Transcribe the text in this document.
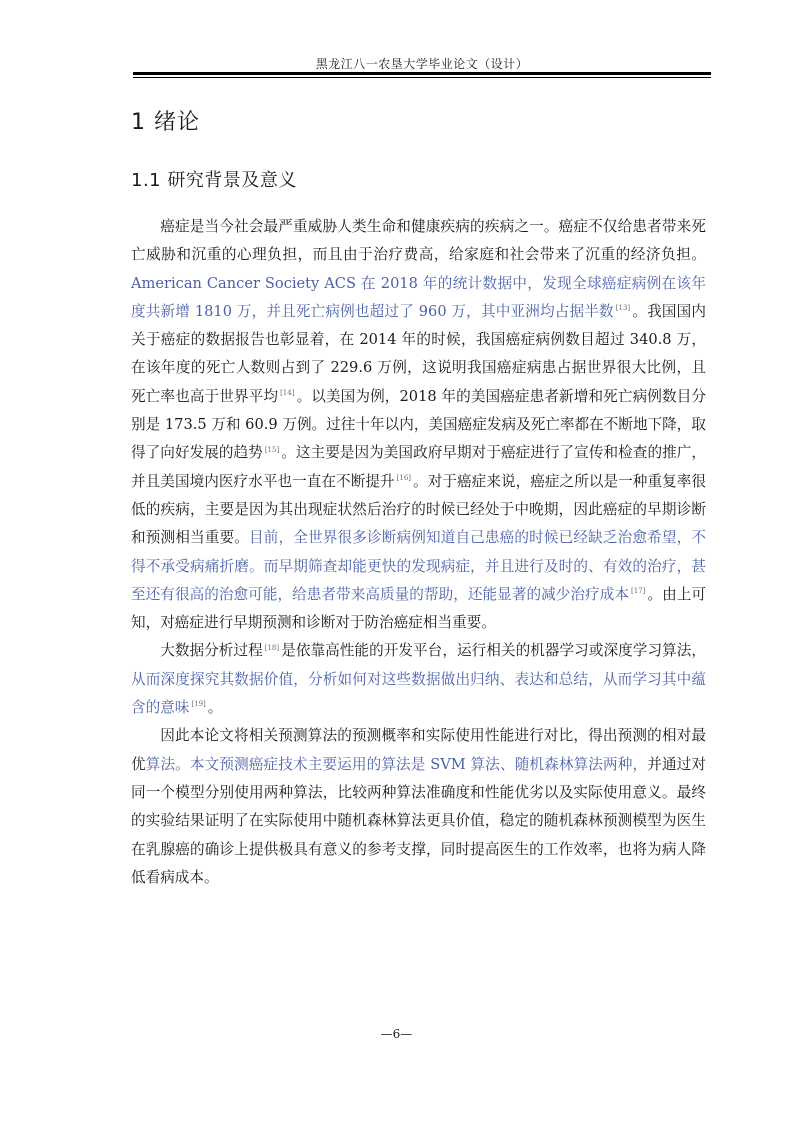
黑龙江八一农垦大学毕业论文（设计）
1 绪论
1.1 研究背景及意义

癌症是当今社会最严重威胁人类生命和健康疾病的疾病之一。癌症不仅给患者带来死亡威胁和沉重的心理负担，而且由于治疗费高，给家庭和社会带来了沉重的经济负担。American Cancer Society ACS 在 2018 年的统计数据中，发现全球癌症病例在该年度共新增 1810 万，并且死亡病例也超过了 960 万，其中亚洲均占据半数 [13] 。我国国内关于癌症的数据报告也彰显着，在 2014 年的时候，我国癌症病例数目超过 340.8 万，在该年度的死亡人数则占到了 229.6 万例，这说明我国癌症病患占据世界很大比例，且死亡率也高于世界平均 [14] 。以美国为例，2018 年的美国癌症患者新增和死亡病例数目分别是 173.5 万和 60.9 万例。过往十年以内，美国癌症发病及死亡率都在不断地下降，取得了向好发展的趋势 [15] 。这主要是因为美国政府早期对于癌症进行了宣传和检查的推广，并且美国境内医疗水平也一直在不断提升 [16] 。对于癌症来说，癌症之所以是一种重复率很低的疾病，主要是因为其出现症状然后治疗的时候已经处于中晚期，因此癌症的早期诊断和预测相当重要。目前，全世界很多诊断病例知道自己患癌的时候已经缺乏治愈希望，不得不承受病痛折磨。而早期筛查却能更快的发现病症，并且进行及时的、有效的治疗，甚至还有很高的治愈可能，给患者带来高质量的帮助，还能显著的减少治疗成本 [17] 。由上可知，对癌症进行早期预测和诊断对于防治癌症相当重要。

大数据分析过程 [18] 是依靠高性能的开发平台，运行相关的机器学习或深度学习算法，从而深度探究其数据价值，分析如何对这些数据做出归纳、表达和总结，从而学习其中蕴含的意味 [19] 。

因此本论文将相关预测算法的预测概率和实际使用性能进行对比，得出预测的相对最优算法。本文预测癌症技术主要运用的算法是 SVM 算法、随机森林算法两种，并通过对同一个模型分别使用两种算法，比较两种算法准确度和性能优劣以及实际使用意义。最终的实验结果证明了在实际使用中随机森林算法更具价值，稳定的随机森林预测模型为医生在乳腺癌的确诊上提供极具有意义的参考支撑，同时提高医生的工作效率，也将为病人降低看病成本。

—6—
